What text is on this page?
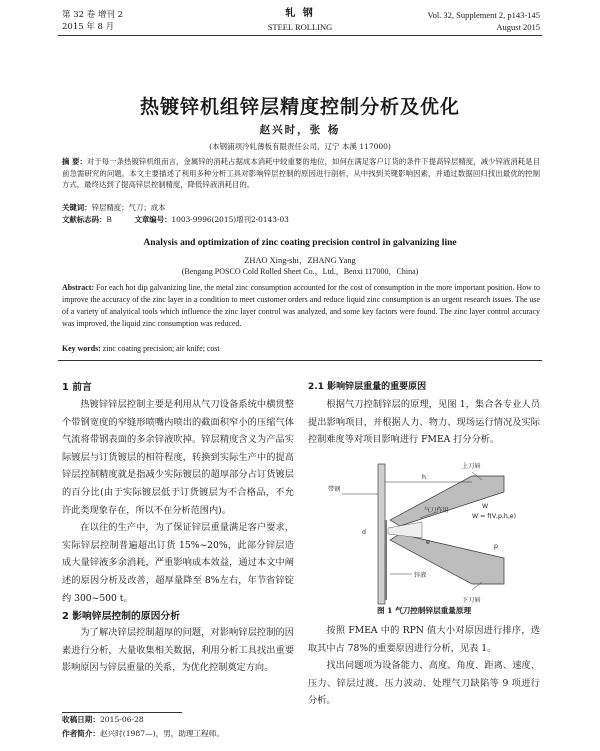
第 32 卷 增刊 2
2015 年 8 月
轧 钢
STEEL ROLLING
Vol. 32, Supplement 2, p143-145
August 2015
热镀锌机组锌层精度控制分析及优化
赵兴时，张 杨
(本钢浦项冷轧薄板有限责任公司，辽宁 本溪 117000)
摘 要：对于每一条热镀锌机组而言，金属锌的消耗占据成本消耗中较重要的地位，如何在满足客户订货的条件下提高锌层精度，减少锌液消耗是目前急需研究的问题。本文主要描述了利用多种分析工具对影响锌层控制的原因进行剖析，从中找到关键影响因素，并通过数据回归找出最优的控制方式，最终达到了提高锌层控制精度，降低锌液消耗目的。
关键词：锌层精度；气刀；成本
文献标志码：B	文章编号：1003-9996(2015)增刊2-0143-03
Analysis and optimization of zinc coating precision control in galvanizing line
ZHAO Xing-shi，ZHANG Yang
(Bengang POSCO Cold Rolled Sheet Co.，Ltd.，Benxi 117000，China)
Abstract: For each hot dip galvanizing line, the metal zinc consumption accounted for the cost of consumption in the more important position. How to improve the accuracy of the zinc layer in a condition to meet customer orders and reduce liquid zinc consumption is an urgent research issues. The use of a variety of analytical tools which influence the zinc layer control was analyzed, and some key factors were found. The zinc layer control accuracy was improved, the liquid zinc consumption was reduced.
Key words: zinc coating precision; air knife; cost
1 前言

热镀锌锌层控制主要是利用从气刀设备系统中横贯整个带钢宽度的窄缝形喷嘴内喷出的截面积窄小的压缩气体气流将带钢表面的多余锌液吹掉。锌层精度含义为产品实际镀层与订货镀层的相符程度，转换到实际生产中的提高锌层控制精度就是指减少实际镀层的超厚部分占订货镀层的百分比(由于实际镀层低于订货镀层为不合格品，不允许此类现象存在，所以不在分析范围内)。

在以往的生产中，为了保证锌层重量满足客户要求，实际锌层控制普遍超出订货 15%~20%，此部分锌层造成大量锌液多余消耗，严重影响成本效益，通过本文中阐述的原因分析及改善，超厚量降至 8%左右，年节省锌锭约 300~500 t。

2 影响锌层控制的原因分析

为了解决锌层控制超厚的问题，对影响锌层控制的因素进行分析，大量收集相关数据，利用分析工具找出重要影响原因与锌层重量的关系，为优化控制奠定方向。

收稿日期：2015-06-28
作者简介：赵兴时(1987—)，男，助理工程师。
2.1 影响锌层重量的重要原因

根据气刀控制锌层的原理，见图 1，集合各专业人员提出影响项目，并根据人力、物力、现场运行情况及实际控制难度等对项目影响进行 FMEA 打分分析。

上刀唇
下刀唇
带钢
气刀作用
锌液
h
W
W = f(V,p,h,e)
d
p
e
图 1 气刀控制锌层重量原理

按照 FMEA 中的 RPN 值大小对原因进行排序，选取其中占 78%的重要原因进行分析，见表 1。

找出问题项为设备能力、高度、角度、距离、速度、压力、锌层过渡、压力波动、处理气刀缺陷等 9 项进行分析。
